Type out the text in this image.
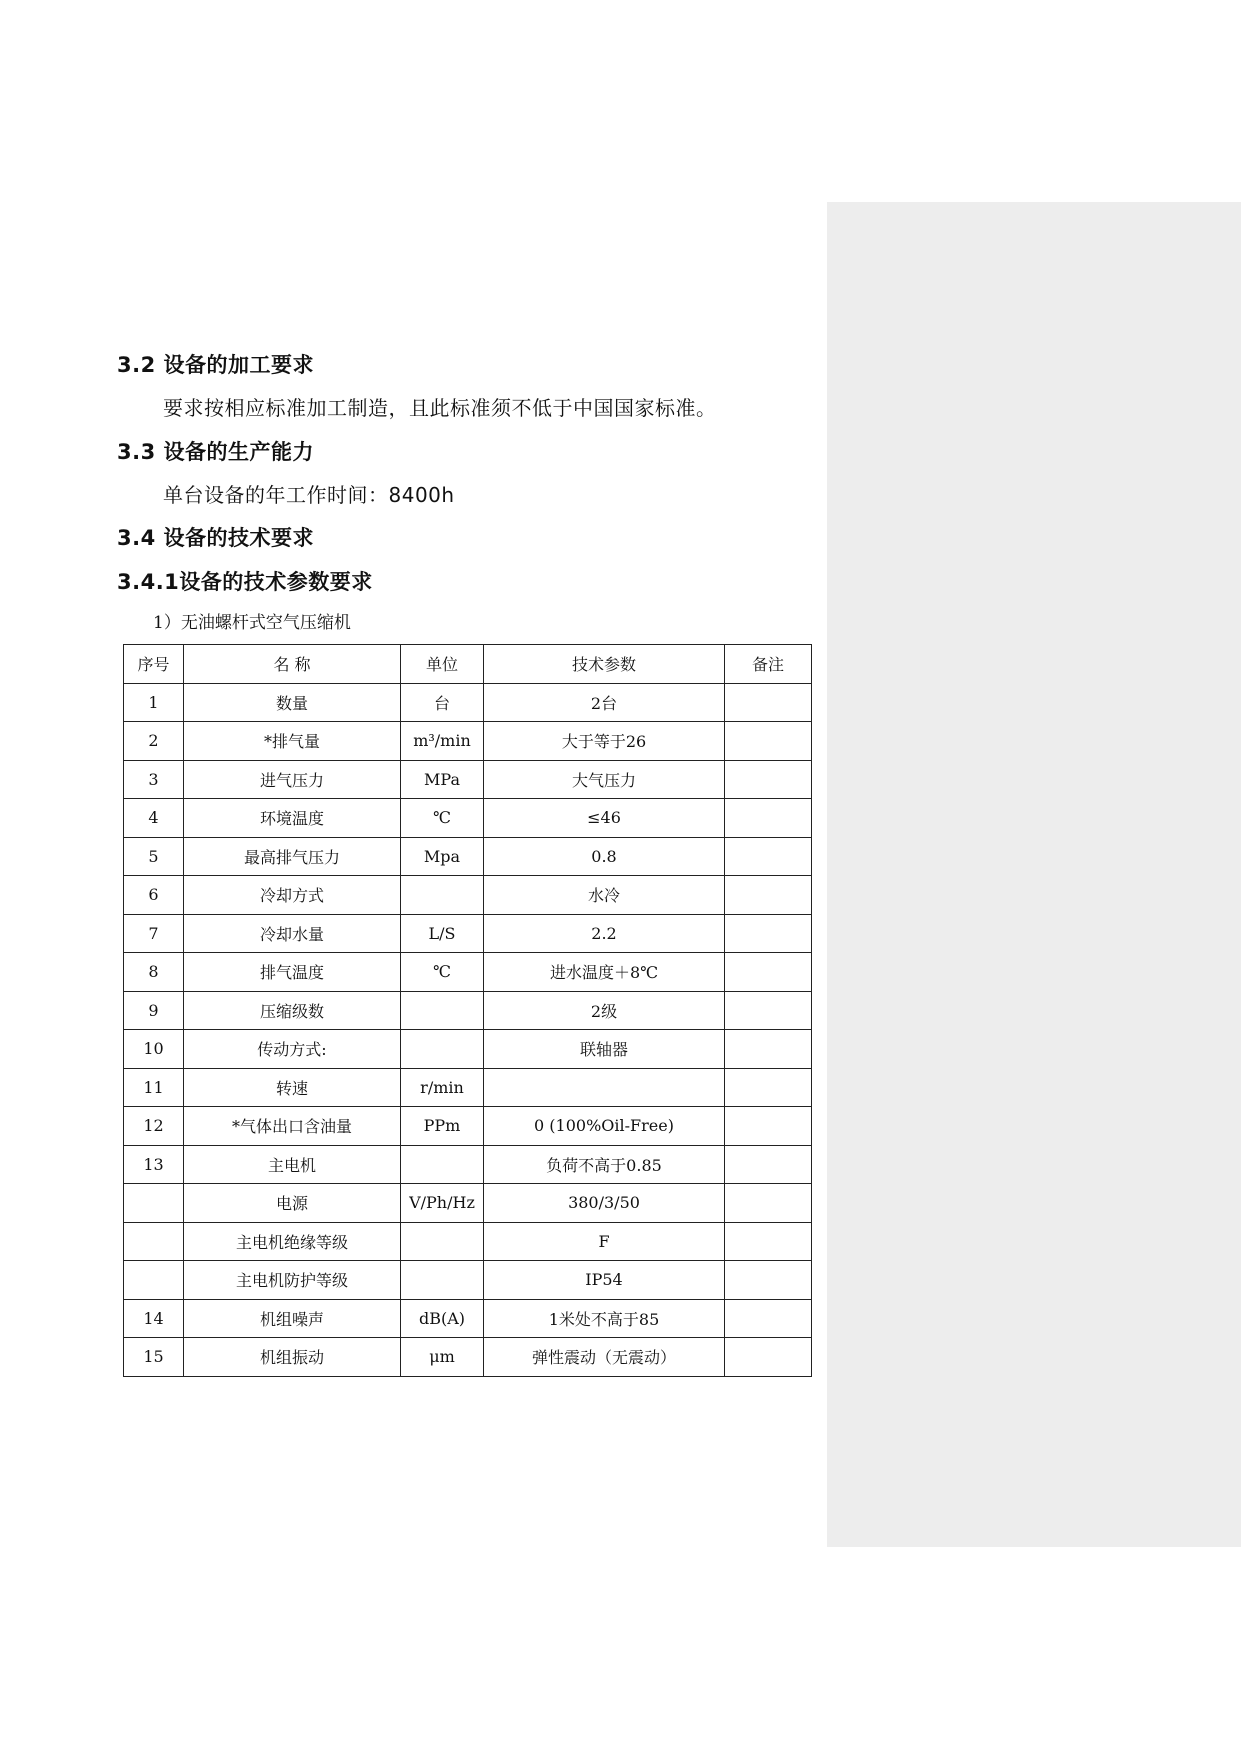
3.2 设备的加工要求
要求按相应标准加工制造，且此标准须不低于中国国家标准。
3.3 设备的生产能力
单台设备的年工作时间：8400h
3.4 设备的技术要求
3.4.1设备的技术参数要求
1）无油螺杆式空气压缩机
序号	名 称	单位	技术参数	备注
1	数量	台	2台	
2	*排气量	m³/min	大于等于26	
3	进气压力	MPa	大气压力	
4	环境温度	℃	≤46	
5	最高排气压力	Mpa	0.8	
6	冷却方式		水冷	
7	冷却水量	L/S	2.2	
8	排气温度	℃	进水温度＋8℃	
9	压缩级数		2级	
10	传动方式:		联轴器	
11	转速	r/min		
12	*气体出口含油量	PPm	0 (100%Oil-Free)	
13	主电机		负荷不高于0.85	
	电源	V/Ph/Hz	380/3/50	
	主电机绝缘等级		F	
	主电机防护等级		IP54	
14	机组噪声	dB(A)	1米处不高于85	
15	机组振动	μm	弹性震动（无震动）	
